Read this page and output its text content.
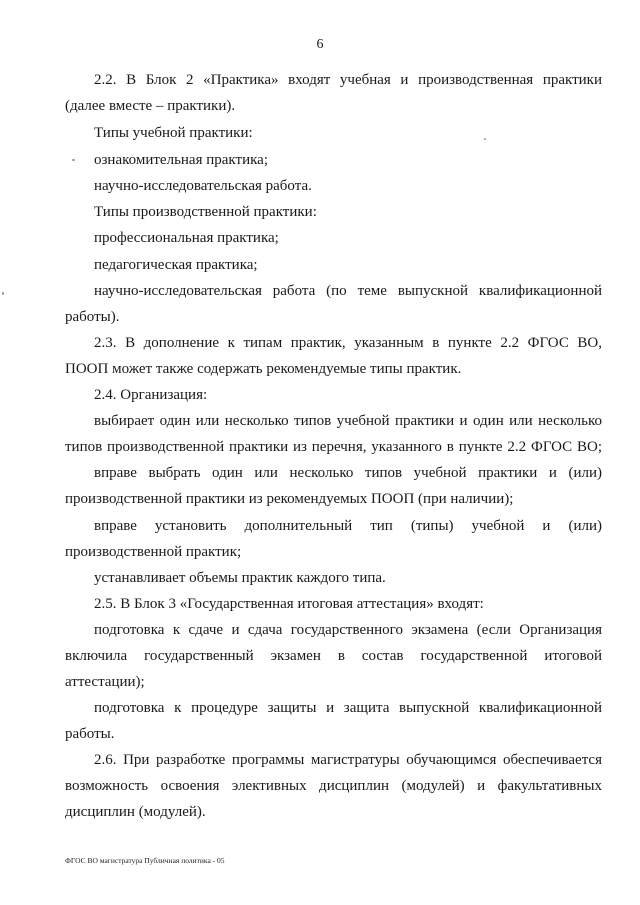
6
2.2. В Блок 2 «Практика» входят учебная и производственная практики
(далее вместе – практики).
Типы учебной практики:
ознакомительная практика;
научно-исследовательская работа.
Типы производственной практики:
профессиональная практика;
педагогическая практика;
научно-исследовательская работа (по теме выпускной квалификационной
работы).
2.3. В дополнение к типам практик, указанным в пункте 2.2 ФГОС ВО,
ПООП может также содержать рекомендуемые типы практик.
2.4. Организация:
выбирает один или несколько типов учебной практики и один или несколько
типов производственной практики из перечня, указанного в пункте 2.2 ФГОС ВО;
вправе выбрать один или несколько типов учебной практики и (или)
производственной практики из рекомендуемых ПООП (при наличии);
вправе установить дополнительный тип (типы) учебной и (или)
производственной практик;
устанавливает объемы практик каждого типа.
2.5. В Блок 3 «Государственная итоговая аттестация» входят:
подготовка к сдаче и сдача государственного экзамена (если Организация
включила государственный экзамен в состав государственной итоговой
аттестации);
подготовка к процедуре защиты и защита выпускной квалификационной
работы.
2.6. При разработке программы магистратуры обучающимся обеспечивается
возможность освоения элективных дисциплин (модулей) и факультативных
дисциплин (модулей).
ФГОС ВО магистратура Публичная политика - 05
